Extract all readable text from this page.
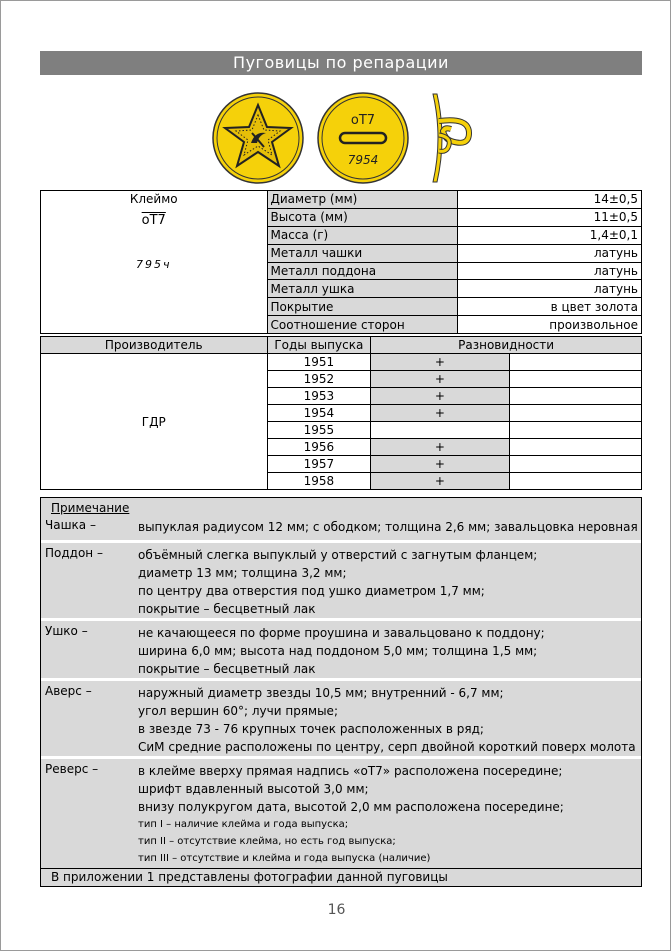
Пуговицы по репарации
оТ7
7954
Клеймо
оТ7
795ч	Диаметр (мм)	14±0,5
	Высота (мм)	11±0,5
	Масса (г)	1,4±0,1
	Металл чашки	латунь
	Металл поддона	латунь
	Металл ушка	латунь
	Покрытие	в цвет золота
	Соотношение сторон	произвольное
Производитель	Годы выпуска	Разновидности	
ГДР	1951	+	
	1952	+	
	1953	+	
	1954	+	
	1955		
	1956	+	
	1957	+	
	1958	+	
Примечание
Чашка –	выпуклая радиусом 12 мм; с ободком; толщина 2,6 мм; завальцовка неровная
Поддон –	объёмный слегка выпуклый у отверстий с загнутым фланцем;
диаметр 13 мм; толщина 3,2 мм;
по центру два отверстия под ушко диаметром 1,7 мм;
покрытие – бесцветный лак
Ушко –	не качающееся по форме проушина и завальцовано к поддону;
ширина 6,0 мм; высота над поддоном 5,0 мм; толщина 1,5 мм;
покрытие – бесцветный лак
Аверс –	наружный диаметр звезды 10,5 мм; внутренний - 6,7 мм;
угол вершин 60°; лучи прямые;
в звезде 73 - 76 крупных точек расположенных в ряд;
СиМ средние расположены по центру, серп двойной короткий поверх молота
Реверс –	в клейме вверху прямая надпись «оТ7» расположена посередине;
шрифт вдавленный высотой 3,0 мм;
внизу полукругом дата, высотой 2,0 мм расположена посередине;
тип I – наличие клейма и года выпуска;
тип II – отсутствие клейма, но есть год выпуска;
тип III – отсутствие и клейма и года выпуска (наличие)
В приложении 1 представлены фотографии данной пуговицы
16
